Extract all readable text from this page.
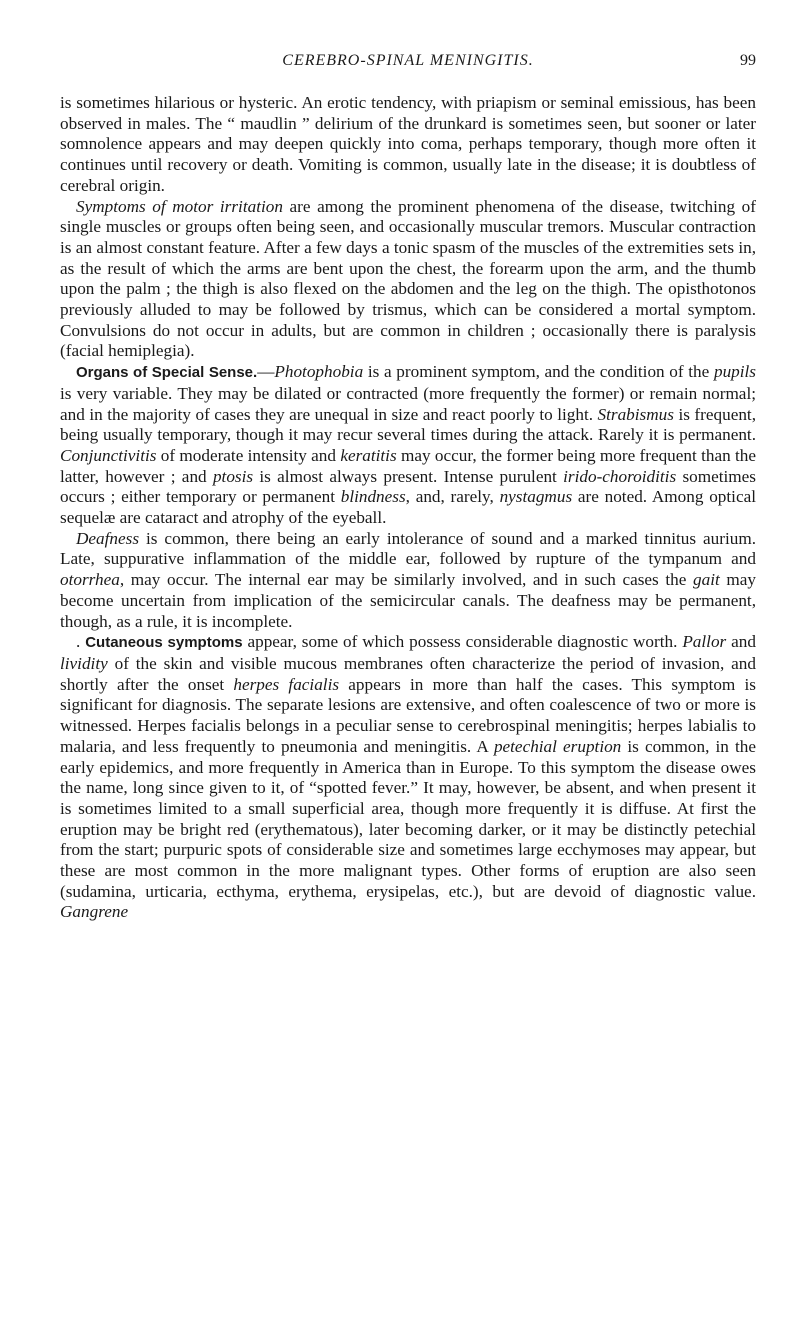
CEREBRO-SPINAL MENINGITIS.	99

is sometimes hilarious or hysteric. An erotic tendency, with priapism or seminal emissious, has been observed in males. The “ maudlin ” delirium of the drunkard is sometimes seen, but sooner or later somnolence appears and may deepen quickly into coma, perhaps temporary, though more often it continues until recovery or death. Vomiting is common, usually late in the disease; it is doubtless of cerebral origin.

Symptoms of motor irritation are among the prominent phenomena of the disease, twitching of single muscles or groups often being seen, and occasionally muscular tremors. Muscular contraction is an almost constant feature. After a few days a tonic spasm of the muscles of the extremities sets in, as the result of which the arms are bent upon the chest, the forearm upon the arm, and the thumb upon the palm ; the thigh is also flexed on the abdomen and the leg on the thigh. The opisthotonos previously alluded to may be followed by trismus, which can be considered a mortal symptom. Convulsions do not occur in adults, but are common in children ; occasionally there is paralysis (facial hemiplegia).

Organs of Special Sense.—Photophobia is a prominent symptom, and the condition of the pupils is very variable. They may be dilated or contracted (more frequently the former) or remain normal; and in the majority of cases they are unequal in size and react poorly to light. Strabismus is frequent, being usually temporary, though it may recur several times during the attack. Rarely it is permanent. Conjunctivitis of moderate intensity and keratitis may occur, the former being more frequent than the latter, however ; and ptosis is almost always present. Intense purulent irido-choroiditis sometimes occurs ; either temporary or permanent blindness, and, rarely, nystagmus are noted. Among optical sequelæ are cataract and atrophy of the eyeball.

Deafness is common, there being an early intolerance of sound and a marked tinnitus aurium. Late, suppurative inflammation of the middle ear, followed by rupture of the tympanum and otorrhea, may occur. The internal ear may be similarly involved, and in such cases the gait may become uncertain from implication of the semicircular canals. The deafness may be permanent, though, as a rule, it is incomplete.

. Cutaneous symptoms appear, some of which possess considerable diagnostic worth. Pallor and lividity of the skin and visible mucous membranes often characterize the period of invasion, and shortly after the onset herpes facialis appears in more than half the cases. This symptom is significant for diagnosis. The separate lesions are extensive, and often coalescence of two or more is witnessed. Herpes facialis belongs in a peculiar sense to cerebrospinal meningitis; herpes labialis to malaria, and less frequently to pneumonia and meningitis. A petechial eruption is common, in the early epidemics, and more frequently in America than in Europe. To this symptom the disease owes the name, long since given to it, of “spotted fever.” It may, however, be absent, and when present it is sometimes limited to a small superficial area, though more frequently it is diffuse. At first the eruption may be bright red (erythematous), later becoming darker, or it may be distinctly petechial from the start; purpuric spots of considerable size and sometimes large ecchymoses may appear, but these are most common in the more malignant types. Other forms of eruption are also seen (sudamina, urticaria, ecthyma, erythema, erysipelas, etc.), but are devoid of diagnostic value. Gangrene
